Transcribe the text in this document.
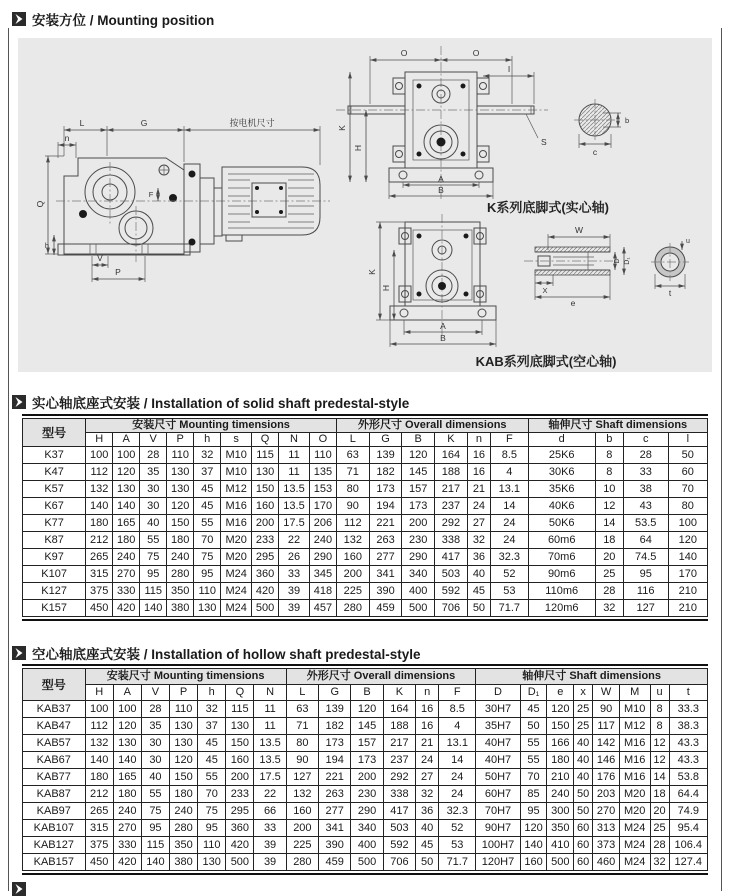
安装方位 / Mounting position
L	G	按电机尺寸
n
Q
F
h
V
P
O	O
I
S
K
H
A
B
K系列底脚式(实心轴)
c
b
K
H
A
B
KAB系列底脚式(空心轴)
W
X
e
D D₁
u
t
实心轴底座式安装 / Installation of solid shaft predestal-style
型号	安装尺寸 Mounting timensions									外形尺寸 Overall dimensions						轴伸尺寸 Shaft dimensions			
	H	A	V	P	h	s	Q	N	O	L	G	B	K	n	F	d	b	c	l
K37	100	100	28	110	32	M10	115	11	110	63	139	120	164	16	8.5	25K6	8	28	50
K47	112	120	35	130	37	M10	130	11	135	71	182	145	188	16	4	30K6	8	33	60
K57	132	130	30	130	45	M12	150	13.5	153	80	173	157	217	21	13.1	35K6	10	38	70
K67	140	140	30	120	45	M16	160	13.5	170	90	194	173	237	24	14	40K6	12	43	80
K77	180	165	40	150	55	M16	200	17.5	206	112	221	200	292	27	24	50K6	14	53.5	100
K87	212	180	55	180	70	M20	233	22	240	132	263	230	338	32	24	60m6	18	64	120
K97	265	240	75	240	75	M20	295	26	290	160	277	290	417	36	32.3	70m6	20	74.5	140
K107	315	270	95	280	95	M24	360	33	345	200	341	340	503	40	52	90m6	25	95	170
K127	375	330	115	350	110	M24	420	39	418	225	390	400	592	45	53	110m6	28	116	210
K157	450	420	140	380	130	M24	500	39	457	280	459	500	706	50	71.7	120m6	32	127	210
空心轴底座式安装 / Installation of hollow shaft predestal-style
型号	安装尺寸 Mounting timensions							外形尺寸 Overall dimensions						轴伸尺寸 Shaft dimensions							
	H	A	V	P	h	Q	N	L	G	B	K	n	F	D	D₁	e	x	W	M	u	t
KAB37	100	100	28	110	32	115	11	63	139	120	164	16	8.5	30H7	45	120	25	90	M10	8	33.3
KAB47	112	120	35	130	37	130	11	71	182	145	188	16	4	35H7	50	150	25	117	M12	8	38.3
KAB57	132	130	30	130	45	150	13.5	80	173	157	217	21	13.1	40H7	55	166	40	142	M16	12	43.3
KAB67	140	140	30	120	45	160	13.5	90	194	173	237	24	14	40H7	55	180	40	146	M16	12	43.3
KAB77	180	165	40	150	55	200	17.5	127	221	200	292	27	24	50H7	70	210	40	176	M16	14	53.8
KAB87	212	180	55	180	70	233	22	132	263	230	338	32	24	60H7	85	240	50	203	M20	18	64.4
KAB97	265	240	75	240	75	295	66	160	277	290	417	36	32.3	70H7	95	300	50	270	M20	20	74.9
KAB107	315	270	95	280	95	360	33	200	341	340	503	40	52	90H7	120	350	60	313	M24	25	95.4
KAB127	375	330	115	350	110	420	39	225	390	400	592	45	53	100H7	140	410	60	373	M24	28	106.4
KAB157	450	420	140	380	130	500	39	280	459	500	706	50	71.7	120H7	160	500	60	460	M24	32	127.4
